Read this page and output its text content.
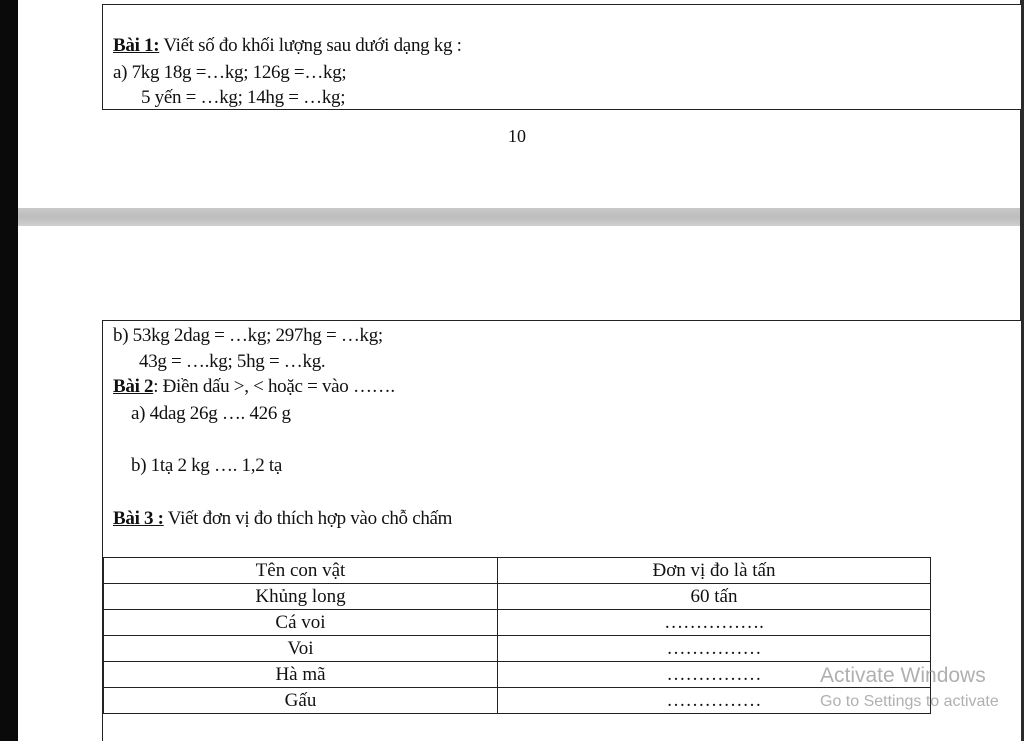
Bài 1: Viết số đo khối lượng sau dưới dạng kg :
a) 7kg 18g =…kg; 126g =…kg;
5 yến = …kg; 14hg = …kg;
10
b) 53kg 2dag = …kg; 297hg = …kg;
43g = ….kg; 5hg = …kg.
Bài 2: Điền dấu >, < hoặc = vào …….
a) 4dag 26g …. 426 g
b) 1tạ 2 kg …. 1,2 tạ
Bài 3 : Viết đơn vị đo thích hợp vào chỗ chấm
Tên con vật	Đơn vị đo là tấn
Khủng long	60 tấn
Cá voi	…………….
Voi	……………
Hà mã	……………
Gấu	……………
Activate Windows
Go to Settings to activate
